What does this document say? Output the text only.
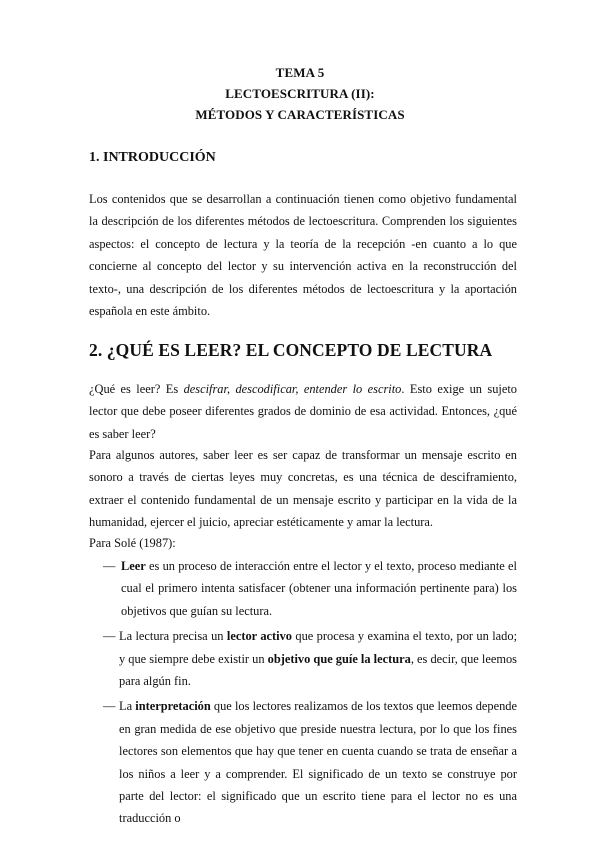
TEMA 5
LECTOESCRITURA (II):
MÉTODOS Y CARACTERÍSTICAS
1. INTRODUCCIÓN
Los contenidos que se desarrollan a continuación tienen como objetivo fundamental la descripción de los diferentes métodos de lectoescritura. Comprenden los siguientes aspectos: el concepto de lectura y la teoría de la recepción -en cuanto a lo que concierne al concepto del lector y su intervención activa en la reconstrucción del texto-, una descripción de los diferentes métodos de lectoescritura y la aportación española en este ámbito.
2. ¿QUÉ ES LEER? EL CONCEPTO DE LECTURA
¿Qué es leer? Es descifrar, descodificar, entender lo escrito. Esto exige un sujeto lector que debe poseer diferentes grados de dominio de esa actividad. Entonces, ¿qué es saber leer?
Para algunos autores, saber leer es ser capaz de transformar un mensaje escrito en sonoro a través de ciertas leyes muy concretas, es una técnica de desciframiento, extraer el contenido fundamental de un mensaje escrito y participar en la vida de la humanidad, ejercer el juicio, apreciar estéticamente y amar la lectura.
Para Solé (1987):
— Leer es un proceso de interacción entre el lector y el texto, proceso mediante el cual el primero intenta satisfacer (obtener una información pertinente para) los objetivos que guían su lectura.
— La lectura precisa un lector activo que procesa y examina el texto, por un lado; y que siempre debe existir un objetivo que guíe la lectura, es decir, que leemos para algún fin.
— La interpretación que los lectores realizamos de los textos que leemos depende en gran medida de ese objetivo que preside nuestra lectura, por lo que los fines lectores son elementos que hay que tener en cuenta cuando se trata de enseñar a los niños a leer y a comprender. El significado de un texto se construye por parte del lector: el significado que un escrito tiene para el lector no es una traducción o
